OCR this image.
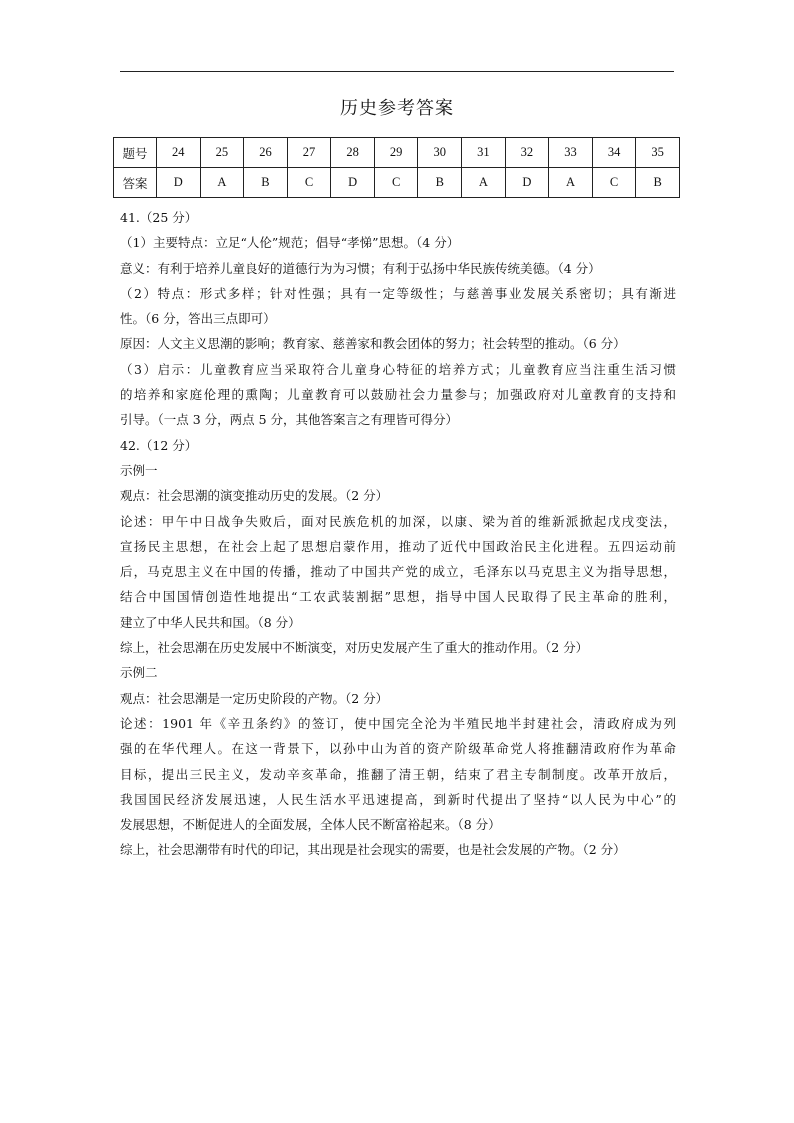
历史参考答案
题号	24	25	26	27	28	29	30	31	32	33	34	35
答案	D	A	B	C	D	C	B	A	D	A	C	B
41.（25 分）
（1）主要特点：立足“人伦”规范；倡导“孝悌”思想。（4 分）
意义：有利于培养儿童良好的道德行为为习惯；有利于弘扬中华民族传统美德。（4 分）
（2）特点：形式多样；针对性强；具有一定等级性；与慈善事业发展关系密切；具有渐进
性。（6 分，答出三点即可）
原因：人文主义思潮的影响；教育家、慈善家和教会团体的努力；社会转型的推动。（6 分）
（3）启示：儿童教育应当采取符合儿童身心特征的培养方式；儿童教育应当注重生活习惯
的培养和家庭伦理的熏陶；儿童教育可以鼓励社会力量参与；加强政府对儿童教育的支持和
引导。（一点 3 分，两点 5 分，其他答案言之有理皆可得分）
42.（12 分）
示例一
观点：社会思潮的演变推动历史的发展。（2 分）
论述：甲午中日战争失败后，面对民族危机的加深，以康、梁为首的维新派掀起戊戌变法，
宣扬民主思想，在社会上起了思想启蒙作用，推动了近代中国政治民主化进程。五四运动前
后，马克思主义在中国的传播，推动了中国共产党的成立，毛泽东以马克思主义为指导思想，
结合中国国情创造性地提出“工农武装割据”思想，指导中国人民取得了民主革命的胜利，
建立了中华人民共和国。（8 分）
综上，社会思潮在历史发展中不断演变，对历史发展产生了重大的推动作用。（2 分）
示例二
观点：社会思潮是一定历史阶段的产物。（2 分）
论述：1901 年《辛丑条约》的签订，使中国完全沦为半殖民地半封建社会，清政府成为列
强的在华代理人。在这一背景下，以孙中山为首的资产阶级革命党人将推翻清政府作为革命
目标，提出三民主义，发动辛亥革命，推翻了清王朝，结束了君主专制制度。改革开放后，
我国国民经济发展迅速，人民生活水平迅速提高，到新时代提出了坚持“以人民为中心”的
发展思想，不断促进人的全面发展，全体人民不断富裕起来。（8 分）
综上，社会思潮带有时代的印记，其出现是社会现实的需要，也是社会发展的产物。（2 分）
